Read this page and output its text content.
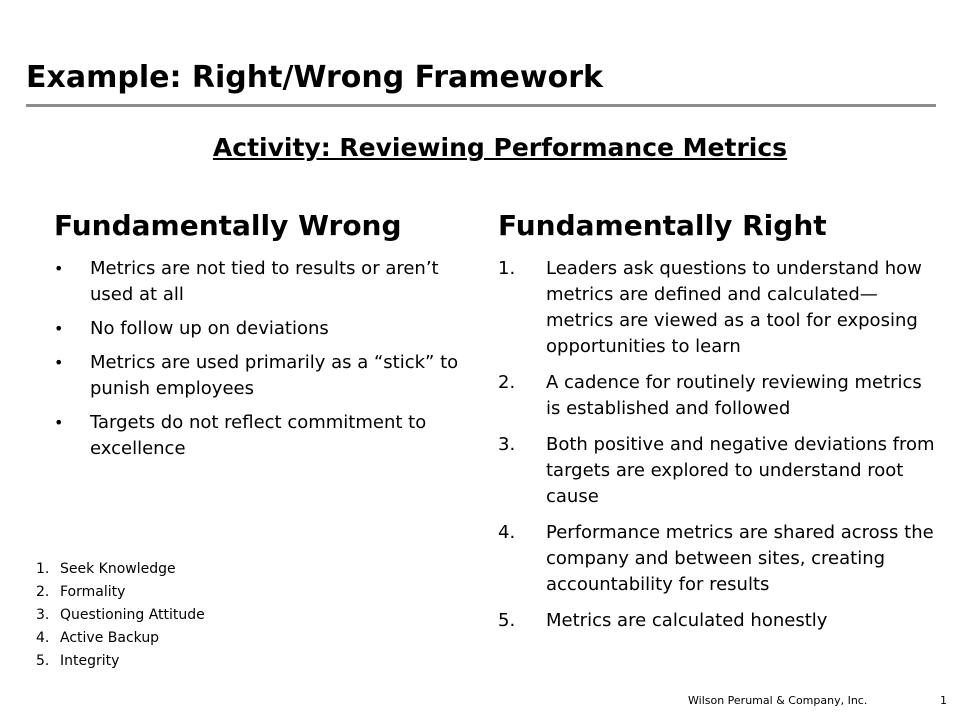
Example: Right/Wrong Framework
Activity: Reviewing Performance Metrics
Fundamentally Wrong	Fundamentally Right
•	Metrics are not tied to results or aren’t used at all
•	No follow up on deviations
•	Metrics are used primarily as a “stick” to punish employees
•	Targets do not reflect commitment to excellence
1. Leaders ask questions to understand how metrics are defined and calculated—metrics are viewed as a tool for exposing opportunities to learn
2. A cadence for routinely reviewing metrics is established and followed
3. Both positive and negative deviations from targets are explored to understand root cause
4. Performance metrics are shared across the company and between sites, creating accountability for results
5. Metrics are calculated honestly
1. Seek Knowledge
2. Formality
3. Questioning Attitude
4. Active Backup
5. Integrity
Wilson Perumal & Company, Inc.	1
